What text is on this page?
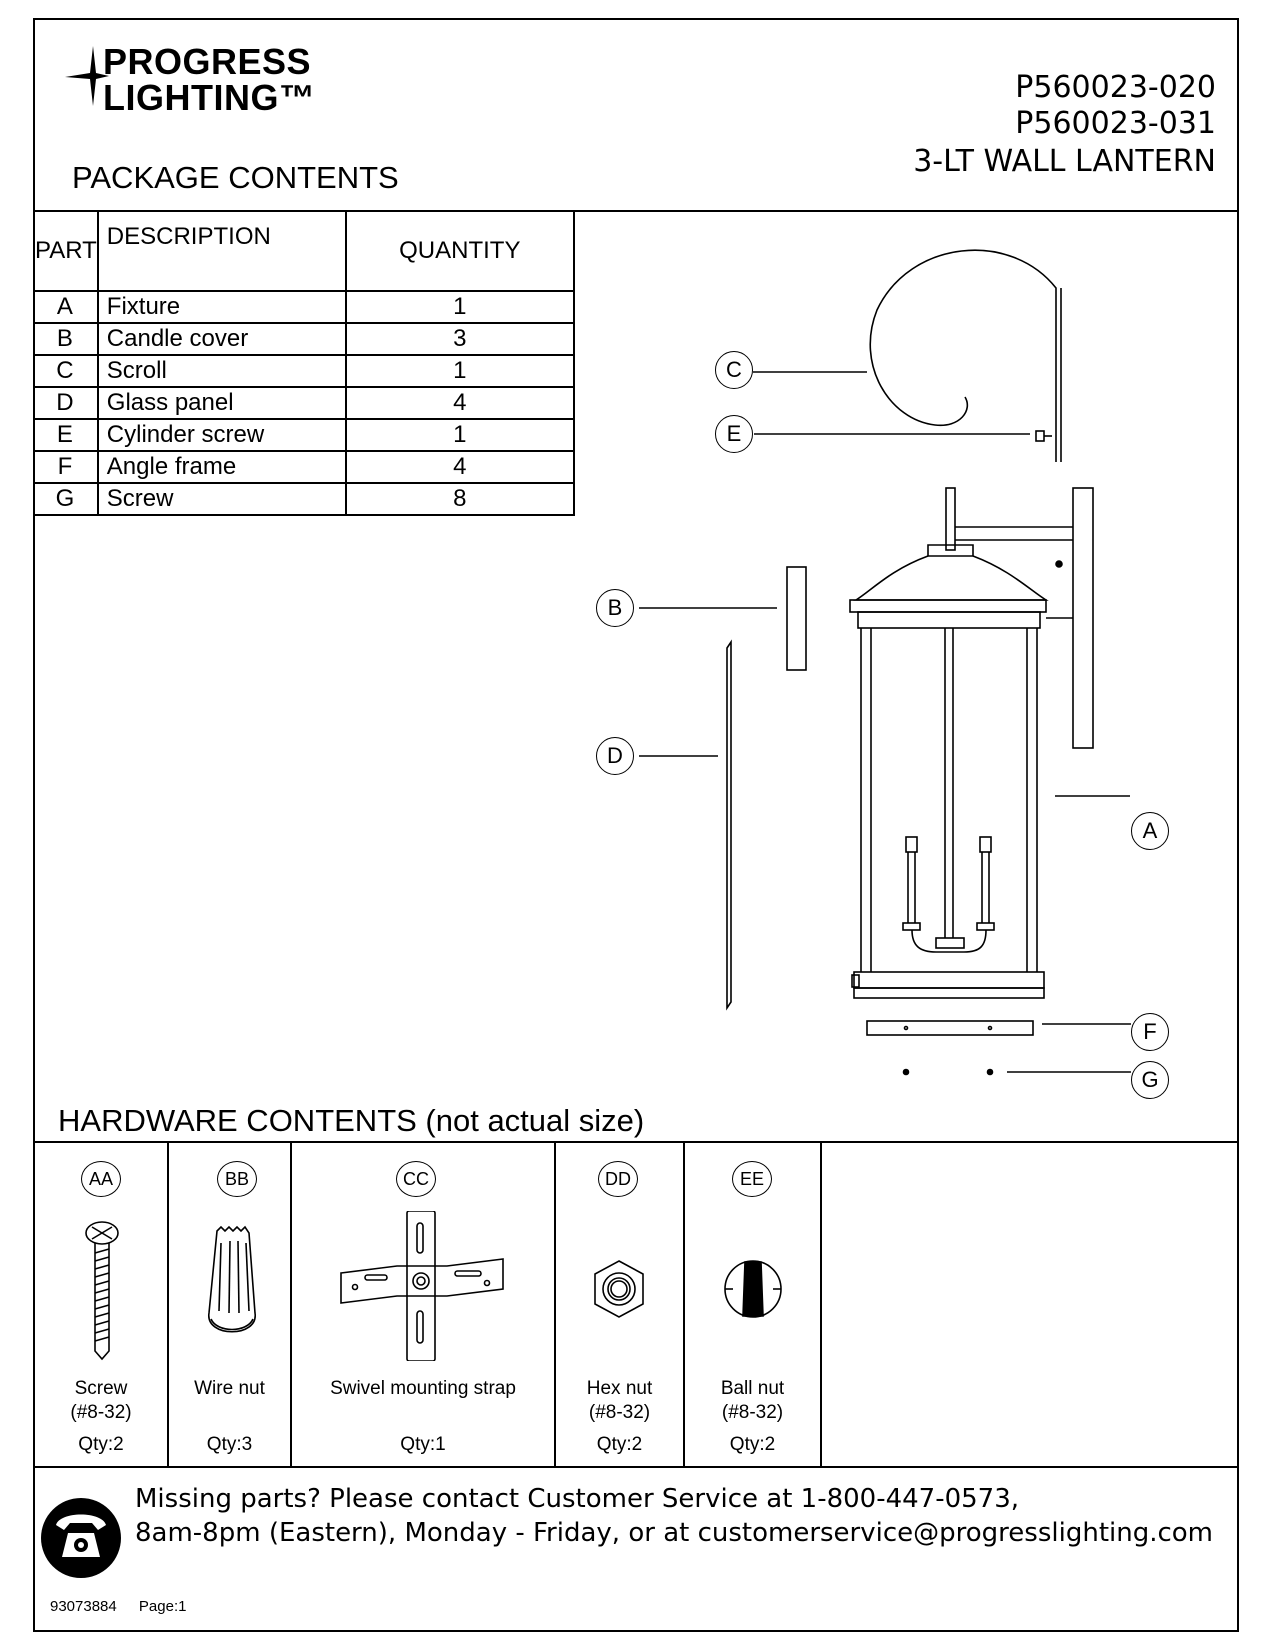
PROGRESS
LIGHTING™	P560023-020
P560023-031
3-LT WALL LANTERN
PACKAGE CONTENTS
PART	DESCRIPTION	QUANTITY
A	Fixture	1
B	Candle cover	3
C	Scroll	1
D	Glass panel	4
E	Cylinder screw	1
F	Angle frame	4
G	Screw	8
C
E
B
D
A
F
G
HARDWARE CONTENTS (not actual size)
AA
Screw
(#8-32)
Qty:2
BB
Wire nut
Qty:3
CC
Swivel mounting strap
Qty:1
DD
Hex nut
(#8-32)
Qty:2
EE
Ball nut
(#8-32)
Qty:2
Missing parts? Please contact Customer Service at 1-800-447-0573,
8am-8pm (Eastern), Monday - Friday, or at customerservice@progresslighting.com
93073884 Page:1
